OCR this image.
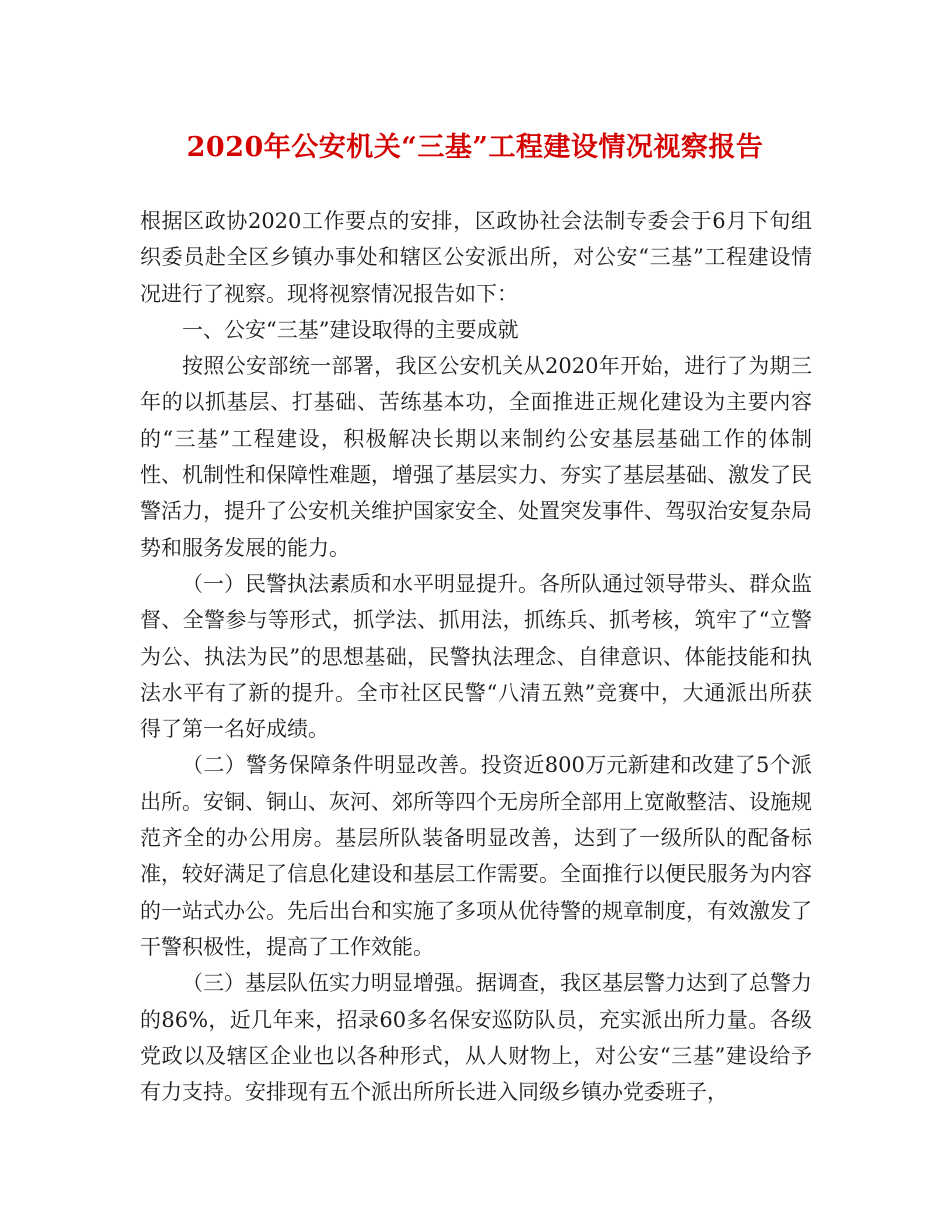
2020年公安机关“三基”工程建设情况视察报告

根据区政协2020工作要点的安排，区政协社会法制专委会于6月下旬组织委员赴全区乡镇办事处和辖区公安派出所，对公安“三基”工程建设情况进行了视察。现将视察情况报告如下：

一、公安“三基”建设取得的主要成就

按照公安部统一部署，我区公安机关从2020年开始，进行了为期三年的以抓基层、打基础、苦练基本功，全面推进正规化建设为主要内容的“三基”工程建设，积极解决长期以来制约公安基层基础工作的体制性、机制性和保障性难题，增强了基层实力、夯实了基层基础、激发了民警活力，提升了公安机关维护国家安全、处置突发事件、驾驭治安复杂局势和服务发展的能力。

（一）民警执法素质和水平明显提升。各所队通过领导带头、群众监督、全警参与等形式，抓学法、抓用法，抓练兵、抓考核，筑牢了“立警为公、执法为民”的思想基础，民警执法理念、自律意识、体能技能和执法水平有了新的提升。全市社区民警“八清五熟”竞赛中，大通派出所获得了第一名好成绩。

（二）警务保障条件明显改善。投资近800万元新建和改建了5个派出所。安铜、铜山、灰河、郊所等四个无房所全部用上宽敞整洁、设施规范齐全的办公用房。基层所队装备明显改善，达到了一级所队的配备标准，较好满足了信息化建设和基层工作需要。全面推行以便民服务为内容的一站式办公。先后出台和实施了多项从优待警的规章制度，有效激发了干警积极性，提高了工作效能。

（三）基层队伍实力明显增强。据调查，我区基层警力达到了总警力的86%，近几年来，招录60多名保安巡防队员，充实派出所力量。各级党政以及辖区企业也以各种形式，从人财物上，对公安“三基”建设给予有力支持。安排现有五个派出所所长进入同级乡镇办党委班子，
